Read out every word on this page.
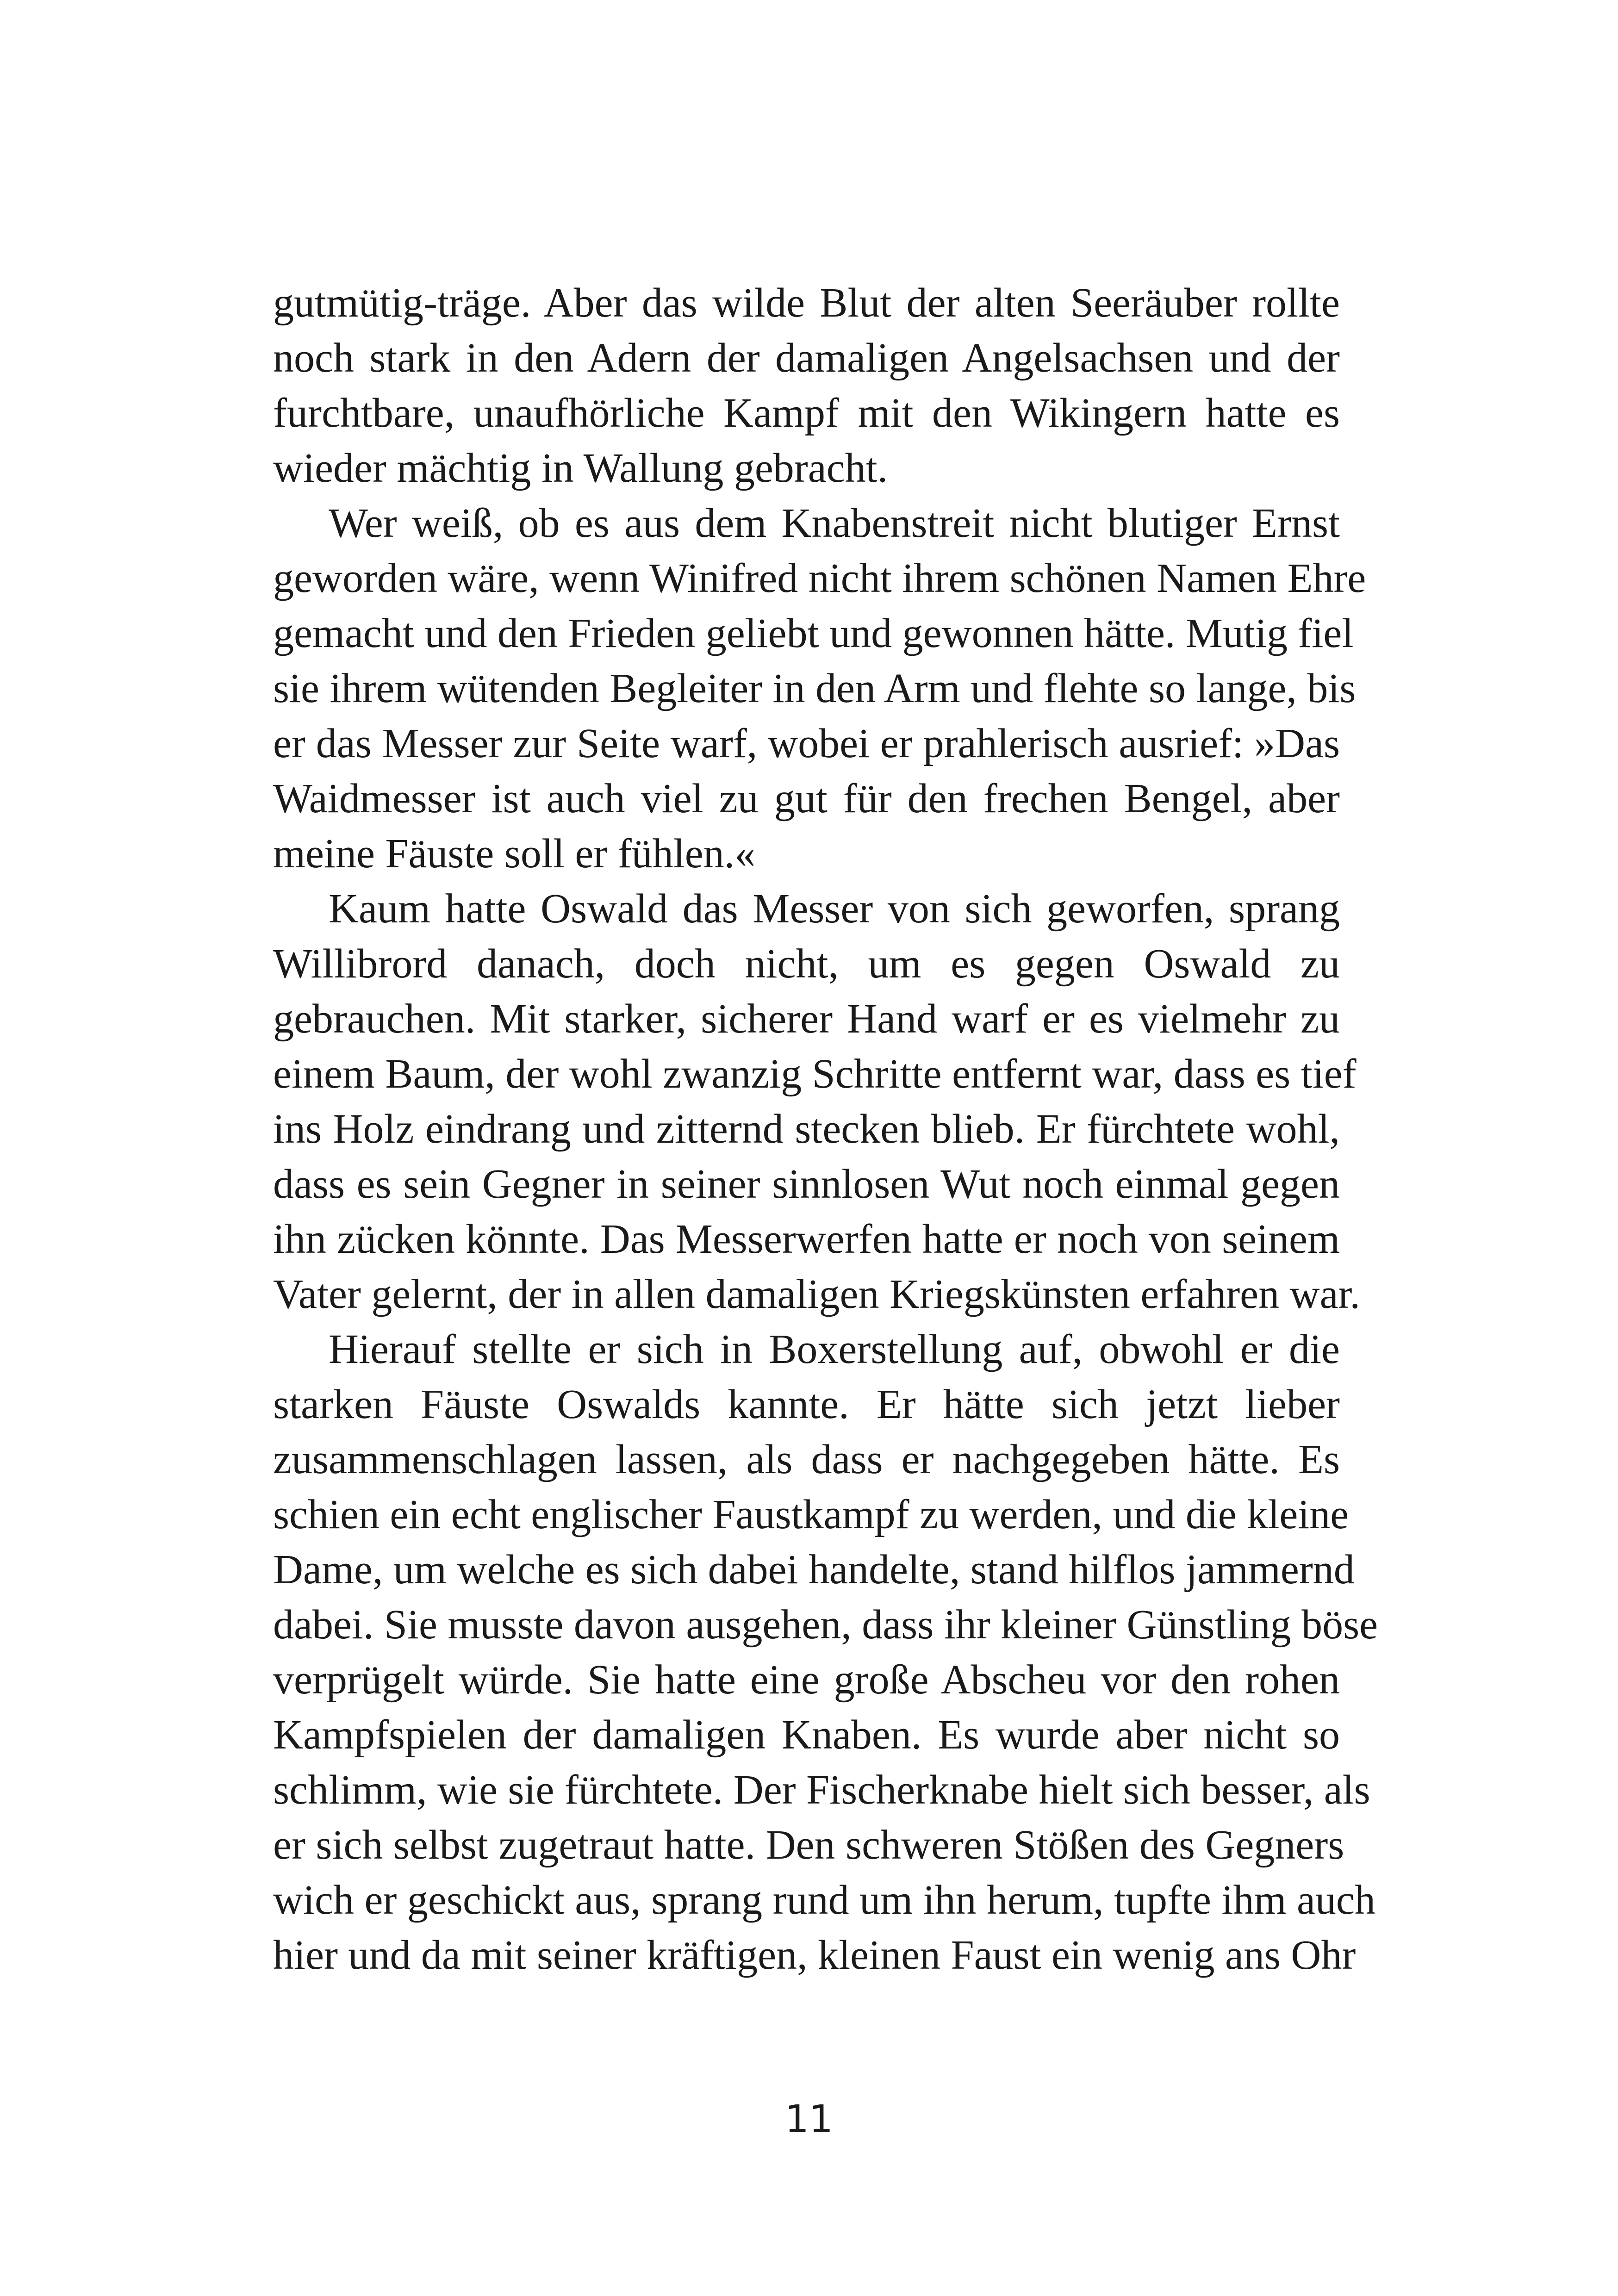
gutmütig-träge. Aber das wilde Blut der alten Seeräuber rollte
noch stark in den Adern der damaligen Angelsachsen und der
furchtbare, unaufhörliche Kampf mit den Wikingern hatte es
wieder mächtig in Wallung gebracht.
Wer weiß, ob es aus dem Knabenstreit nicht blutiger Ernst
geworden wäre, wenn Winifred nicht ihrem schönen Namen Ehre
gemacht und den Frieden geliebt und gewonnen hätte. Mutig fiel
sie ihrem wütenden Begleiter in den Arm und flehte so lange, bis
er das Messer zur Seite warf, wobei er prahlerisch ausrief: »Das
Waidmesser ist auch viel zu gut für den frechen Bengel, aber
meine Fäuste soll er fühlen.«
Kaum hatte Oswald das Messer von sich geworfen, sprang
Willibrord danach, doch nicht, um es gegen Oswald zu
gebrauchen. Mit starker, sicherer Hand warf er es vielmehr zu
einem Baum, der wohl zwanzig Schritte entfernt war, dass es tief
ins Holz eindrang und zitternd stecken blieb. Er fürchtete wohl,
dass es sein Gegner in seiner sinnlosen Wut noch einmal gegen
ihn zücken könnte. Das Messerwerfen hatte er noch von seinem
Vater gelernt, der in allen damaligen Kriegskünsten erfahren war.
Hierauf stellte er sich in Boxerstellung auf, obwohl er die
starken Fäuste Oswalds kannte. Er hätte sich jetzt lieber
zusammenschlagen lassen, als dass er nachgegeben hätte. Es
schien ein echt englischer Faustkampf zu werden, und die kleine
Dame, um welche es sich dabei handelte, stand hilflos jammernd
dabei. Sie musste davon ausgehen, dass ihr kleiner Günstling böse
verprügelt würde. Sie hatte eine große Abscheu vor den rohen
Kampfspielen der damaligen Knaben. Es wurde aber nicht so
schlimm, wie sie fürchtete. Der Fischerknabe hielt sich besser, als
er sich selbst zugetraut hatte. Den schweren Stößen des Gegners
wich er geschickt aus, sprang rund um ihn herum, tupfte ihm auch
hier und da mit seiner kräftigen, kleinen Faust ein wenig ans Ohr
11
